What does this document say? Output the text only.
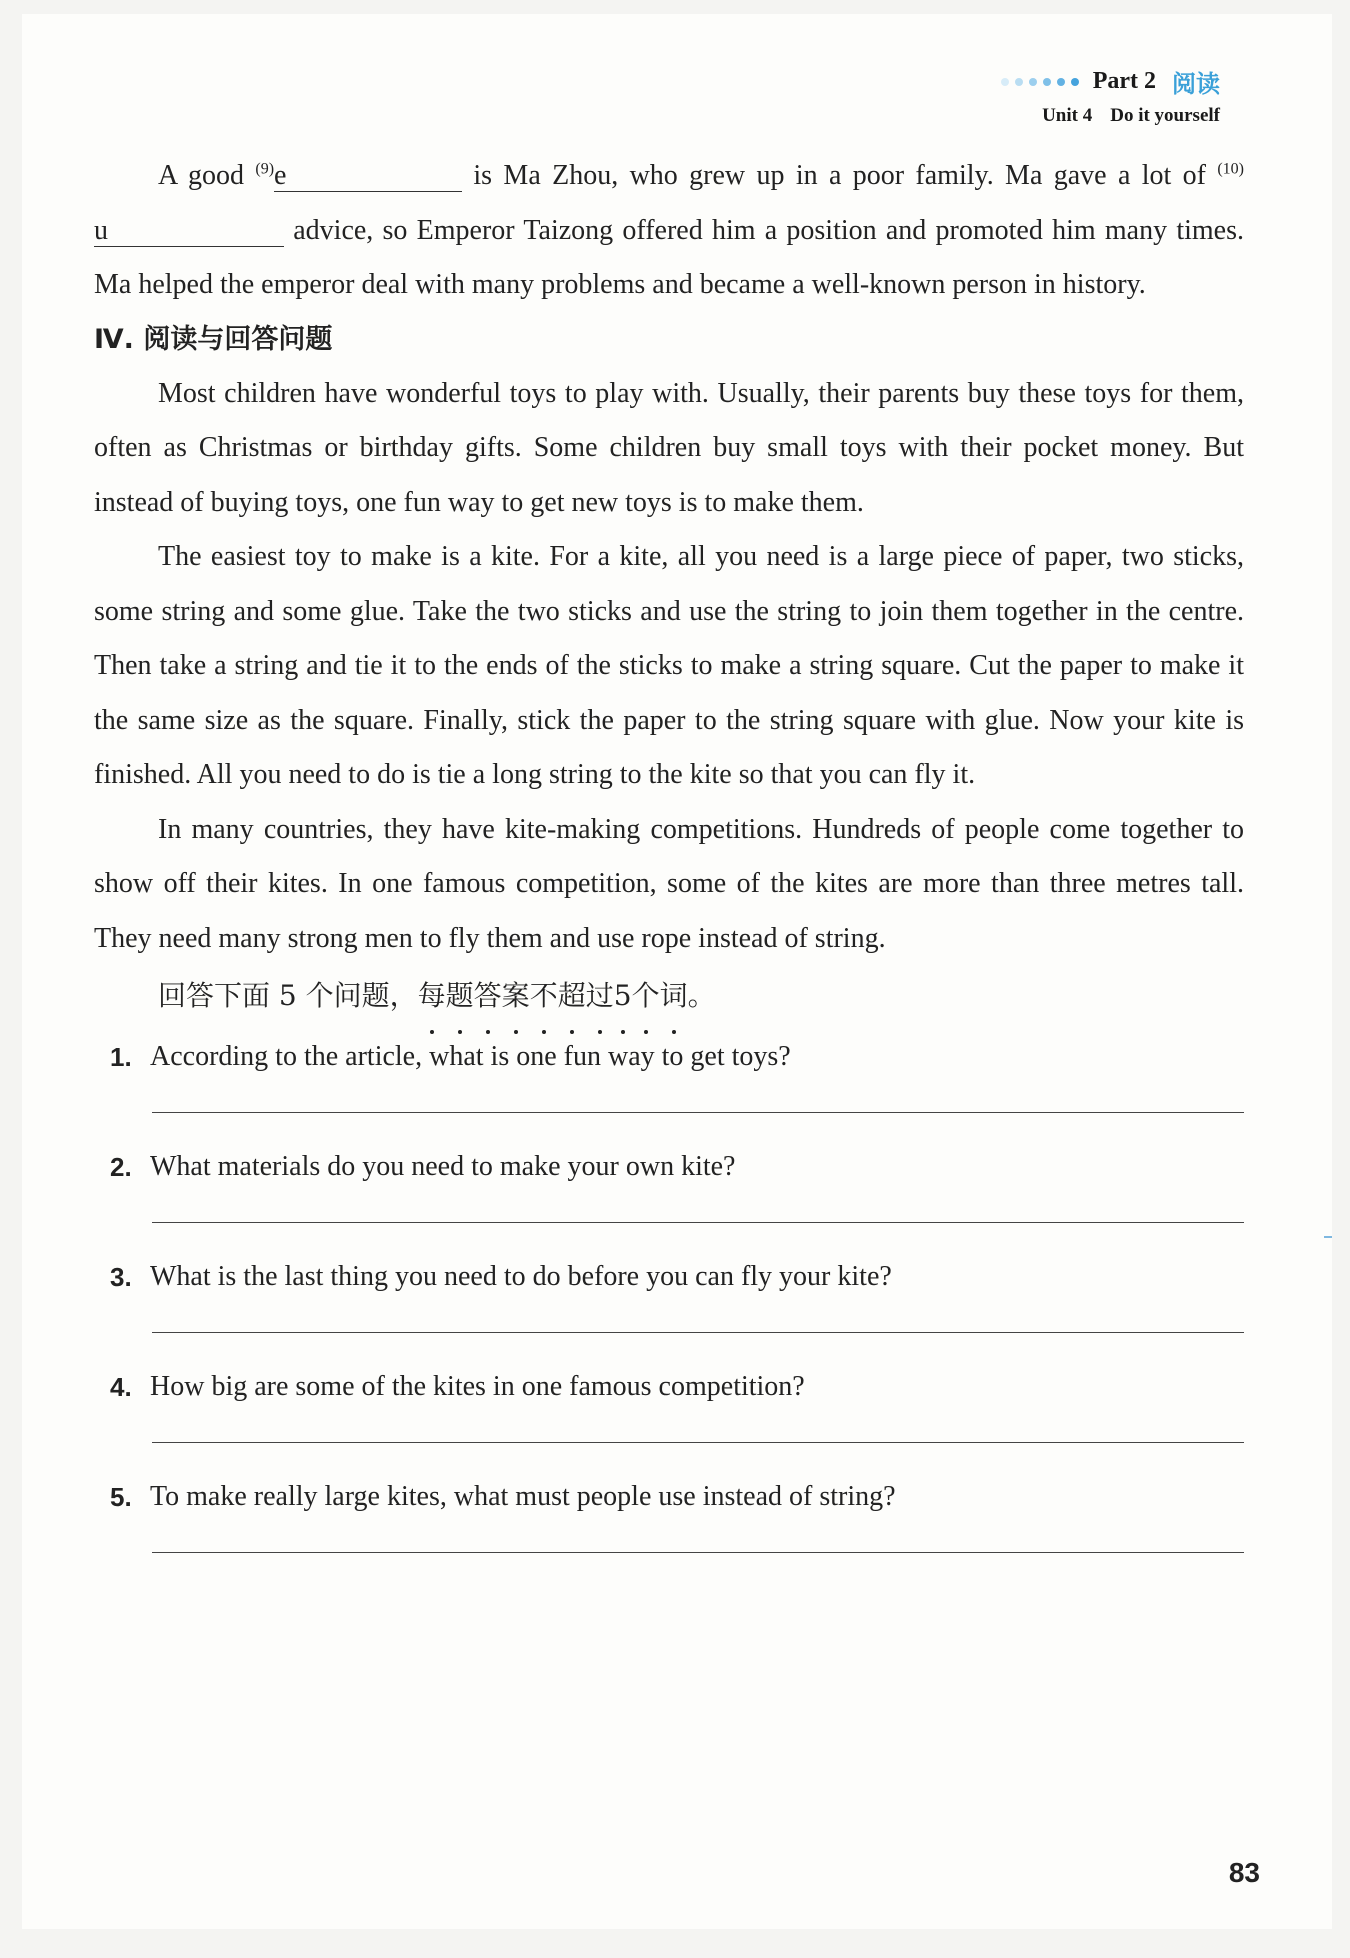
Part 2 阅读
Unit 4 Do it yourself

A good $^{(9)}$e	is Ma Zhou, who grew up in a poor family. Ma gave a lot of $^{(10)}$u	advice, so Emperor Taizong offered him a position and promoted him many times. Ma helped the emperor deal with many problems and became a well-known person in history.

Ⅳ. 阅读与回答问题

Most children have wonderful toys to play with. Usually, their parents buy these toys for them, often as Christmas or birthday gifts. Some children buy small toys with their pocket money. But instead of buying toys, one fun way to get new toys is to make them.

The easiest toy to make is a kite. For a kite, all you need is a large piece of paper, two sticks, some string and some glue. Take the two sticks and use the string to join them together in the centre. Then take a string and tie it to the ends of the sticks to make a string square. Cut the paper to make it the same size as the square. Finally, stick the paper to the string square with glue. Now your kite is finished. All you need to do is tie a long string to the kite so that you can fly it.

In many countries, they have kite-making competitions. Hundreds of people come together to show off their kites. In one famous competition, some of the kites are more than three metres tall. They need many strong men to fly them and use rope instead of string.

回答下面 5 个问题，每题答案不超过5个词。

1. According to the article, what is one fun way to get toys?
2. What materials do you need to make your own kite?
3. What is the last thing you need to do before you can fly your kite?
4. How big are some of the kites in one famous competition?
5. To make really large kites, what must people use instead of string?
83
